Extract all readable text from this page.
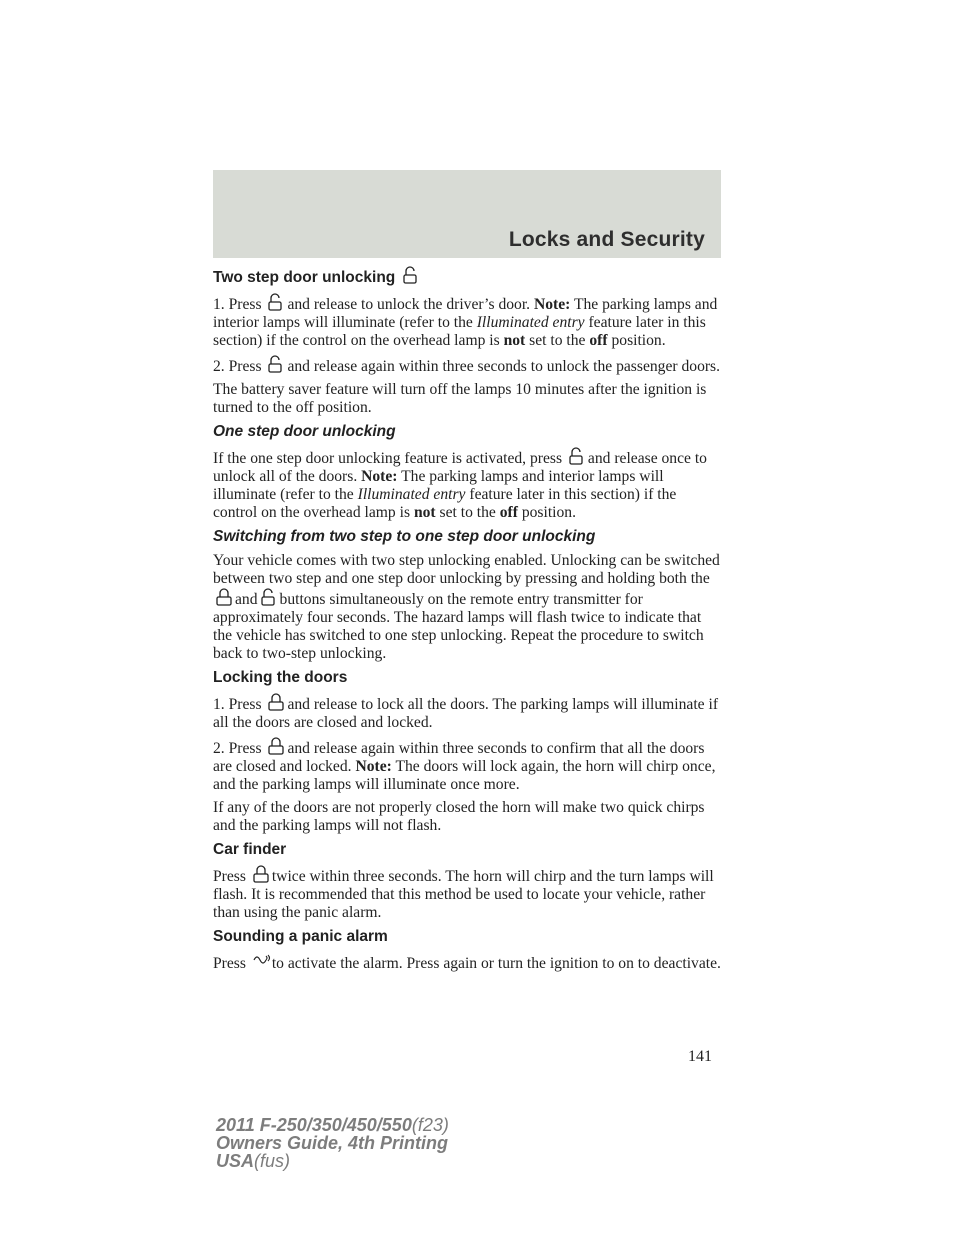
Locks and Security
Two step door unlocking

1. Press and release to unlock the driver’s door. Note: The parking lamps and interior lamps will illuminate (refer to the Illuminated entry feature later in this section) if the control on the overhead lamp is not set to the off position.

2. Press and release again within three seconds to unlock the passenger doors.

The battery saver feature will turn off the lamps 10 minutes after the ignition is turned to the off position.

One step door unlocking

If the one step door unlocking feature is activated, press and release once to unlock all of the doors. Note: The parking lamps and interior lamps will illuminate (refer to the Illuminated entry feature later in this section) if the control on the overhead lamp is not set to the off position.

Switching from two step to one step door unlocking

Your vehicle comes with two step unlocking enabled. Unlocking can be switched between two step and one step door unlocking by pressing and holding both the
and buttons simultaneously on the remote entry transmitter for approximately four seconds. The hazard lamps will flash twice to indicate that the vehicle has switched to one step unlocking. Repeat the procedure to switch back to two-step unlocking.

Locking the doors

1. Press and release to lock all the doors. The parking lamps will illuminate if all the doors are closed and locked.

2. Press and release again within three seconds to confirm that all the doors are closed and locked. Note: The doors will lock again, the horn will chirp once, and the parking lamps will illuminate once more.

If any of the doors are not properly closed the horn will make two quick chirps and the parking lamps will not flash.

Car finder

Press twice within three seconds. The horn will chirp and the turn lamps will flash. It is recommended that this method be used to locate your vehicle, rather than using the panic alarm.

Sounding a panic alarm

Press to activate the alarm. Press again or turn the ignition to on to deactivate.

141
2011 F-250/350/450/550(f23)
Owners Guide, 4th Printing
USA(fus)
